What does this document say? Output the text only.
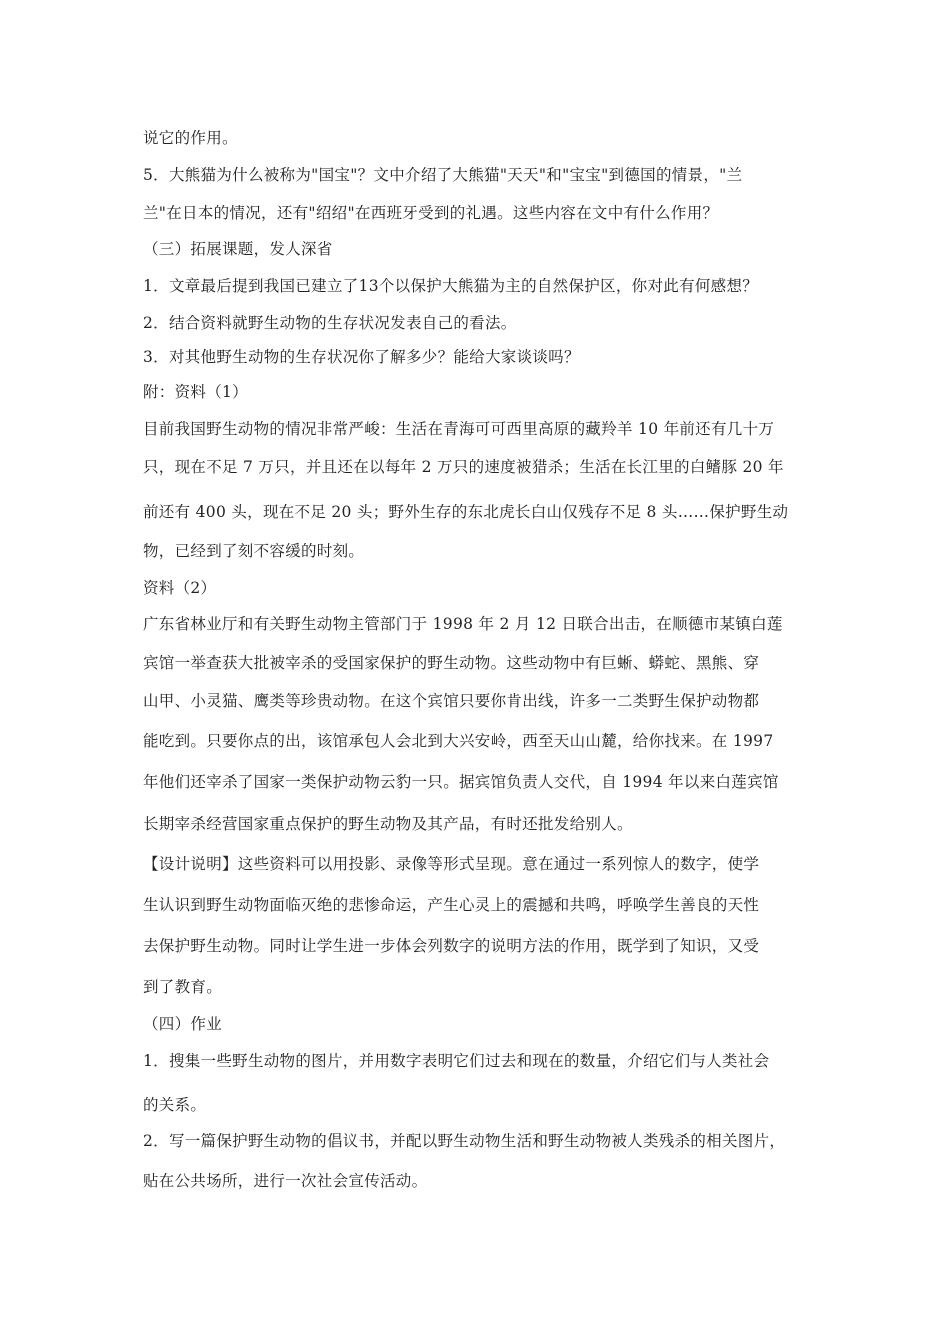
说它的作用。
5．大熊猫为什么被称为"国宝"？文中介绍了大熊猫"天天"和"宝宝"到德国的情景，"兰
兰"在日本的情况，还有"绍绍"在西班牙受到的礼遇。这些内容在文中有什么作用？
（三）拓展课题，发人深省
1．文章最后提到我国已建立了13个以保护大熊猫为主的自然保护区，你对此有何感想？
2．结合资料就野生动物的生存状况发表自己的看法。
3．对其他野生动物的生存状况你了解多少？能给大家谈谈吗？
附：资料（1）
目前我国野生动物的情况非常严峻：生活在青海可可西里高原的藏羚羊 10 年前还有几十万
只，现在不足 7 万只，并且还在以每年 2 万只的速度被猎杀；生活在长江里的白鳍豚 20 年
前还有 400 头，现在不足 20 头；野外生存的东北虎长白山仅残存不足 8 头……保护野生动
物，已经到了刻不容缓的时刻。
资料（2）
广东省林业厅和有关野生动物主管部门于 1998 年 2 月 12 日联合出击，在顺德市某镇白莲
宾馆一举查获大批被宰杀的受国家保护的野生动物。这些动物中有巨蜥、蟒蛇、黑熊、穿
山甲、小灵猫、鹰类等珍贵动物。在这个宾馆只要你肯出线，许多一二类野生保护动物都
能吃到。只要你点的出，该馆承包人会北到大兴安岭，西至天山山麓，给你找来。在 1997
年他们还宰杀了国家一类保护动物云豹一只。据宾馆负责人交代，自 1994 年以来白莲宾馆
长期宰杀经营国家重点保护的野生动物及其产品，有时还批发给别人。
【设计说明】这些资料可以用投影、录像等形式呈现。意在通过一系列惊人的数字，使学
生认识到野生动物面临灭绝的悲惨命运，产生心灵上的震撼和共鸣，呼唤学生善良的天性
去保护野生动物。同时让学生进一步体会列数字的说明方法的作用，既学到了知识，又受
到了教育。
（四）作业
1．搜集一些野生动物的图片，并用数字表明它们过去和现在的数量，介绍它们与人类社会
的关系。
2．写一篇保护野生动物的倡议书，并配以野生动物生活和野生动物被人类残杀的相关图片，
贴在公共场所，进行一次社会宣传活动。
